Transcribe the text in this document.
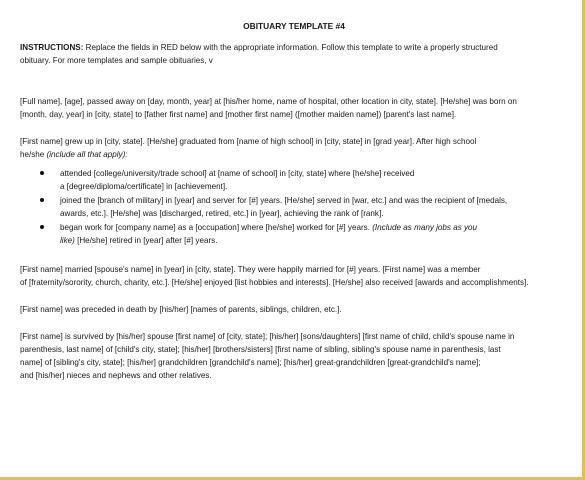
OBITUARY TEMPLATE #4

INSTRUCTIONS: Replace the fields in RED below with the appropriate information. Follow this template to write a properly structured
obituary. For more templates and sample obituaries, v

[Full name], [age], passed away on [day, month, year] at [his/her home, name of hospital, other location in city, state]. [He/she] was born on
[month, day, year] in [city, state] to [father first name] and [mother first name] ([mother maiden name]) [parent's last name].

[First name] grew up in [city, state]. [He/she] graduated from [name of high school] in [city, state] in [grad year]. After high school
he/she (include all that apply):

attended [college/university/trade school] at [name of school] in [city, state] where [he/she] received
a [degree/diploma/certificate] in [achievement].
joined the [branch of military] in [year] and server for [#] years. [He/she] served in [war, etc.] and was the recipient of [medals,
awards, etc.]. [He/she] was [discharged, retired, etc.] in [year], achieving the rank of [rank].
began work for [company name] as a [occupation] where [he/she] worked for [#] years. (Include as many jobs as you
like) [He/she] retired in [year] after [#] years.

[First name] married [spouse's name] in [year] in [city, state]. They were happily married for [#] years. [First name] was a member
of [fraternity/sorority, church, charity, etc.]. [He/she] enjoyed [list hobbies and interests]. [He/she] also received [awards and accomplishments].

[First name] was preceded in death by [his/her] [names of parents, siblings, children, etc.].

[First name] is survived by [his/her] spouse [first name] of [city, state]; [his/her] [sons/daughters] [first name of child, child's spouse name in
parenthesis, last name] of [child's city, state]; [his/her] [brothers/sisters] [first name of sibling, sibling's spouse name in parenthesis, last
name] of [sibling's city, state]; [his/her] grandchildren [grandchild's name]; [his/her] great-grandchildren [great-grandchild's name];
and [his/her] nieces and nephews and other relatives.
